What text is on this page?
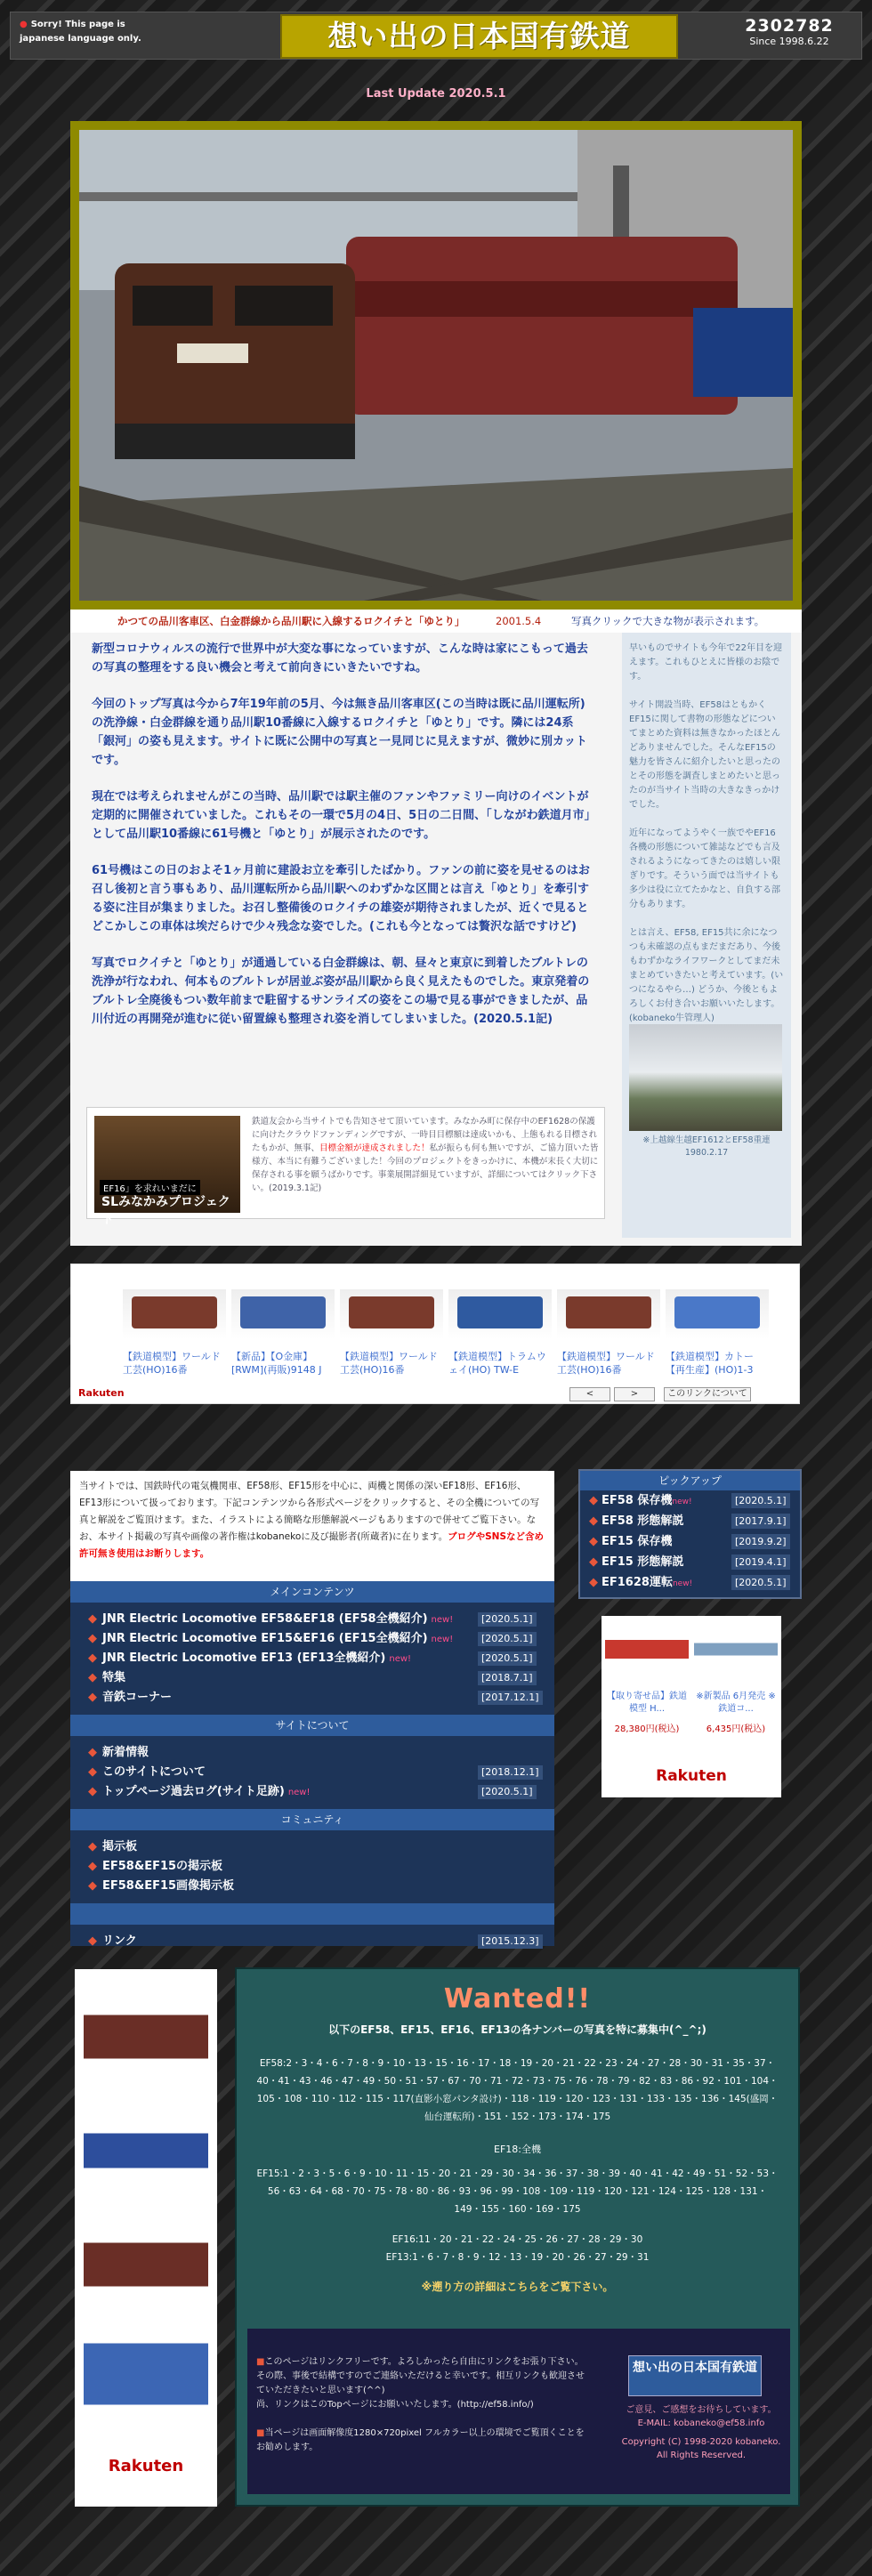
● Sorry! This page is japanese language only.	想い出の日本国有鉄道	2302782
Since 1998.6.22
Last Update 2020.5.1
かつての品川客車区、白金群線から品川駅に入線するロクイチと「ゆとり」	2001.5.4	写真クリックで大きな物が表示されます。

新型コロナウィルスの流行で世界中が大変な事になっていますが、こんな時は家にこもって過去の写真の整理をする良い機会と考えて前向きにいきたいですね。

今回のトップ写真は今から7年19年前の5月、今は無き品川客車区(この当時は既に品川運転所)の洗浄線・白金群線を通り品川駅10番線に入線するロクイチと「ゆとり」です。隣には24系「銀河」の姿も見えます。サイトに既に公開中の写真と一見同じに見えますが、微妙に別カットです。

現在では考えられませんがこの当時、品川駅では駅主催のファンやファミリー向けのイベントが定期的に開催されていました。これもその一環で5月の4日、5日の二日間、「しながわ鉄道月市」として品川駅10番線に61号機と「ゆとり」が展示されたのです。

61号機はこの日のおよそ1ヶ月前に建設お立を牽引したばかり。ファンの前に姿を見せるのはお召し後初と言う事もあり、品川運転所から品川駅へのわずかな区間とは言え「ゆとり」を牽引する姿に注目が集まりました。お召し整備後のロクイチの雄姿が期待されましたが、近くで見るとどこかしこの車体は埃だらけで少々残念な姿でした。(これも今となっては贅沢な話ですけど)

写真でロクイチと「ゆとり」が通過している白金群線は、朝、昼々と東京に到着したブルトレの洗浄が行なわれ、何本ものブルトレが居並ぶ姿が品川駅から良く見えたものでした。東京発着のブルトレ全廃後もつい数年前まで駐留するサンライズの姿をこの場で見る事ができましたが、品川付近の再開発が進むに従い留置線も整理され姿を消してしまいました。(2020.5.1記)

EF16」を求れいまだに
SLみなかみプロジェクト
鉄道友会から当サイトでも告知させて頂いています。みなかみ町に保存中のEF1628の保護に向けたクラウドファンディングですが、一時目目標額は達成いかも、上態もれる目標されたもかが、無事、目標金額が達成されました！私が振らも何も無いですが、ご協力頂いた皆様方、本当に有難うございました！今回のプロジェクトをきっかけに、本機が末長く大切に保存される事を願うばかりです。事業展開詳細見ていますが、詳細についてはクリック下さい。(2019.3.1記)

早いものでサイトも今年で22年目を迎えます。これもひとえに皆様のお陰です。

サイト開設当時、EF58はともかくEF15に関して書物の形態などについてまとめた資料は無きなかったほとんどありませんでした。そんなEF15の魅力を皆さんに紹介したいと思ったのとその形態を調査しまとめたいと思ったのが当サイト当時の大きなきっかけでした。

近年になってようやく一族でやEF16各機の形態について雑誌などでも言及されるようになってきたのは嬉しい限ぎりです。そういう面では当サイトも多少は役に立てたかなと、自負する部分もあります。

とは言え、EF58, EF15共に余になつつも未確認の点もまだまだあり、今後もわずかなライフワークとしてまだ未まとめていきたいと考えています。(いつになるやら…) どうか、今後ともよろしくお付き合いお願いいたします。(kobaneko牛管理人)

※上越線生越EF1612とEF58重連1980.2.17
【鉄道模型】ワールド工芸(HO)16番
【新品】【O金庫】[RWM](再販)9148 J
【鉄道模型】ワールド工芸(HO)16番
【鉄道模型】トラムウェイ(HO) TW-E
【鉄道模型】ワールド工芸(HO)16番
【鉄道模型】カトー【再生産】(HO)1-3
Rakuten	<	>	このリンクについて
当サイトでは、国鉄時代の電気機関車、EF58形、EF15形を中心に、両機と関係の深いEF18形、EF16形、EF13形について扱っております。下記コンテンツから各形式ページをクリックすると、その全機についての写真と解説をご覧頂けます。また、イラストによる簡略な形態解説ページもありますので併せてご覧下さい。なお、本サイト掲載の写真や画像の著作権はkobanekoに及び撮影者(所蔵者)に在ります。ブログやSNSなど含め許可無き使用はお断りします。
メインコンテンツ
◆ JNR Electric Locomotive EF58&EF18 (EF58全機紹介) new!	[2020.5.1]
◆ JNR Electric Locomotive EF15&EF16 (EF15全機紹介) new!	[2020.5.1]
◆ JNR Electric Locomotive EF13 (EF13全機紹介) new!	[2020.5.1]
◆ 特集	[2018.7.1]
◆ 音鉄コーナー	[2017.12.1]
サイトについて
◆ 新着情報
◆ このサイトについて	[2018.12.1]
◆ トップページ過去ログ(サイト足跡) new!	[2020.5.1]
コミュニティ
◆ 掲示板
◆ EF58&EF15の掲示板
◆ EF58&EF15画像掲示板
◆ リンク	[2015.12.3]
ピックアップ
◆ EF58 保存機new!	[2020.5.1]
◆ EF58 形態解説	[2017.9.1]
◆ EF15 保存機	[2019.9.2]
◆ EF15 形態解説	[2019.4.1]
◆ EF1628運転new!	[2020.5.1]
【取り寄せ品】鉄道模型 H...
28,380円(税込)
※新製品 6月発売 ※鉄道コ...
6,435円(税込)
Rakuten
Rakuten
Wanted!!
以下のEF58、EF15、EF16、EF13の各ナンバーの写真を特に募集中(^_^;)
EF58:2・3・4・6・7・8・9・10・13・15・16・17・18・19・20・21・22・23・24・27・28・30・31・35・37・40・41・43・46・47・49・50・51・57・67・70・71・72・73・75・76・78・79・82・83・86・92・101・104・105・108・110・112・115・117(直影小窓パンタ設け)・118・119・120・123・131・133・135・136・145(盛岡・仙台運転所)・151・152・173・174・175
EF18:全機
EF15:1・2・3・5・6・9・10・11・15・20・21・29・30・34・36・37・38・39・40・41・42・49・51・52・53・56・63・64・68・70・75・78・80・86・93・96・99・108・109・119・120・121・124・125・128・131・149・155・160・169・175
EF16:11・20・21・22・24・25・26・27・28・29・30
EF13:1・6・7・8・9・12・13・19・20・26・27・29・31
※遡り方の詳細はこちらをご覧下さい。
■このページはリンクフリーです。よろしかったら自由にリンクをお張り下さい。その際、事後で結構ですのでご連絡いただけると幸いです。相互リンクも歓迎させていただきたいと思います(^^)
尚、リンクはこのTopページにお願いいたします。(http://ef58.info/)

■当ページは画面解像度1280×720pixel フルカラー以上の環境でご覧頂くことをお勧めします。
想い出の日本国有鉄道
ご意見、ご感想をお待ちしています。
E-MAIL: kobaneko@ef58.info
Copyright (C) 1998-2020 kobaneko.
All Rights Reserved.
